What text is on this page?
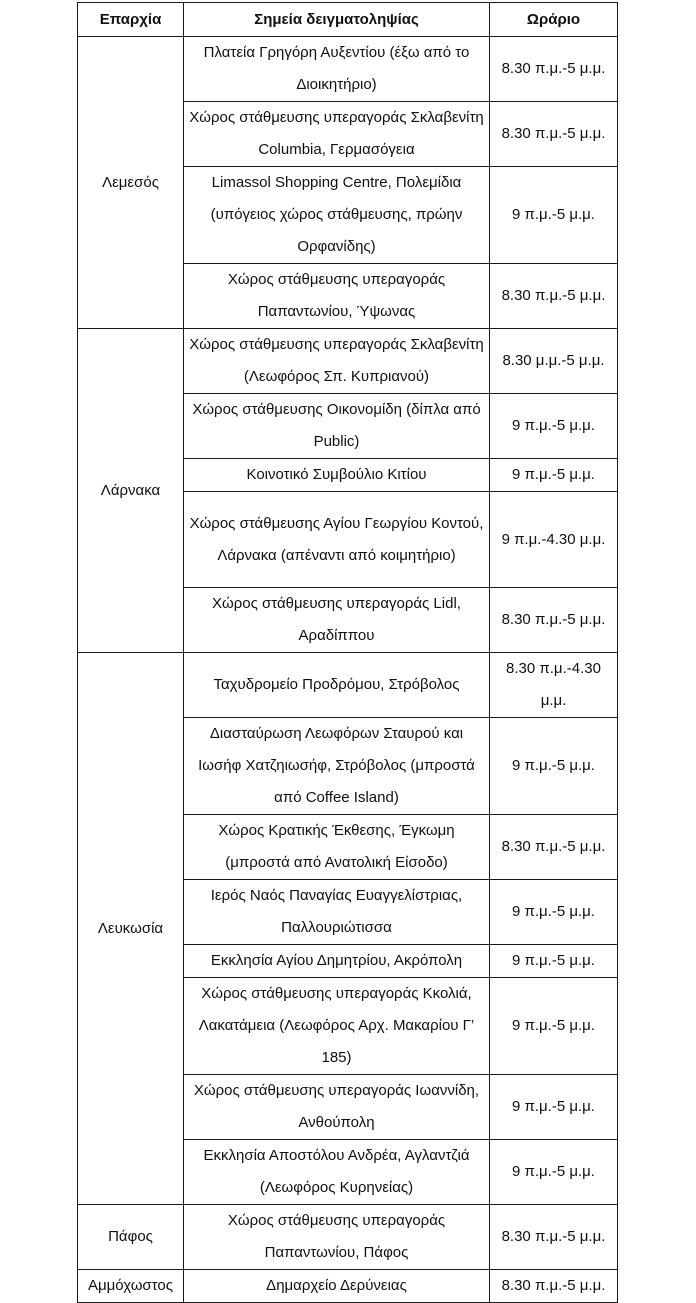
Επαρχία	Σημεία δειγματοληψίας	Ωράριο
Λεμεσός	Πλατεία Γρηγόρη Αυξεντίου (έξω από το Διοικητήριο)	8.30 π.μ.-5 μ.μ.
	Χώρος στάθμευσης υπεραγοράς Σκλαβενίτη Columbia, Γερμασόγεια	8.30 π.μ.-5 μ.μ.
	Limassol Shopping Centre, Πολεμίδια (υπόγειος χώρος στάθμευσης, πρώην Ορφανίδης)	9 π.μ.-5 μ.μ.
	Χώρος στάθμευσης υπεραγοράς Παπαντωνίου, Ύψωνας	8.30 π.μ.-5 μ.μ.
Λάρνακα	Χώρος στάθμευσης υπεραγοράς Σκλαβενίτη (Λεωφόρος Σπ. Κυπριανού)	8.30 μ.μ.-5 μ.μ.
	Χώρος στάθμευσης Οικονομίδη (δίπλα από Public)	9 π.μ.-5 μ.μ.
	Κοινοτικό Συμβούλιο Κιτίου	9 π.μ.-5 μ.μ.
	Χώρος στάθμευσης Αγίου Γεωργίου Κοντού, Λάρνακα (απέναντι από κοιμητήριο)	9 π.μ.-4.30 μ.μ.
	Χώρος στάθμευσης υπεραγοράς Lidl, Αραδίππου	8.30 π.μ.-5 μ.μ.
Λευκωσία	Ταχυδρομείο Προδρόμου, Στρόβολος	8.30 π.μ.-4.30 μ.μ.
	Διασταύρωση Λεωφόρων Σταυρού και Ιωσήφ Χατζηιωσήφ, Στρόβολος (μπροστά από Coffee Island)	9 π.μ.-5 μ.μ.
	Χώρος Κρατικής Έκθεσης, Έγκωμη (μπροστά από Ανατολική Είσοδο)	8.30 π.μ.-5 μ.μ.
	Ιερός Ναός Παναγίας Ευαγγελίστριας, Παλλουριώτισσα	9 π.μ.-5 μ.μ.
	Εκκλησία Αγίου Δημητρίου, Ακρόπολη	9 π.μ.-5 μ.μ.
	Χώρος στάθμευσης υπεραγοράς Κκολιά, Λακατάμεια (Λεωφόρος Αρχ. Μακαρίου Γ’ 185)	9 π.μ.-5 μ.μ.
	Χώρος στάθμευσης υπεραγοράς Ιωαννίδη, Ανθούπολη	9 π.μ.-5 μ.μ.
	Εκκλησία Αποστόλου Ανδρέα, Αγλαντζιά (Λεωφόρος Κυρηνείας)	9 π.μ.-5 μ.μ.
Πάφος	Χώρος στάθμευσης υπεραγοράς Παπαντωνίου, Πάφος	8.30 π.μ.-5 μ.μ.
Αμμόχωστος	Δημαρχείο Δερύνειας	8.30 π.μ.-5 μ.μ.
